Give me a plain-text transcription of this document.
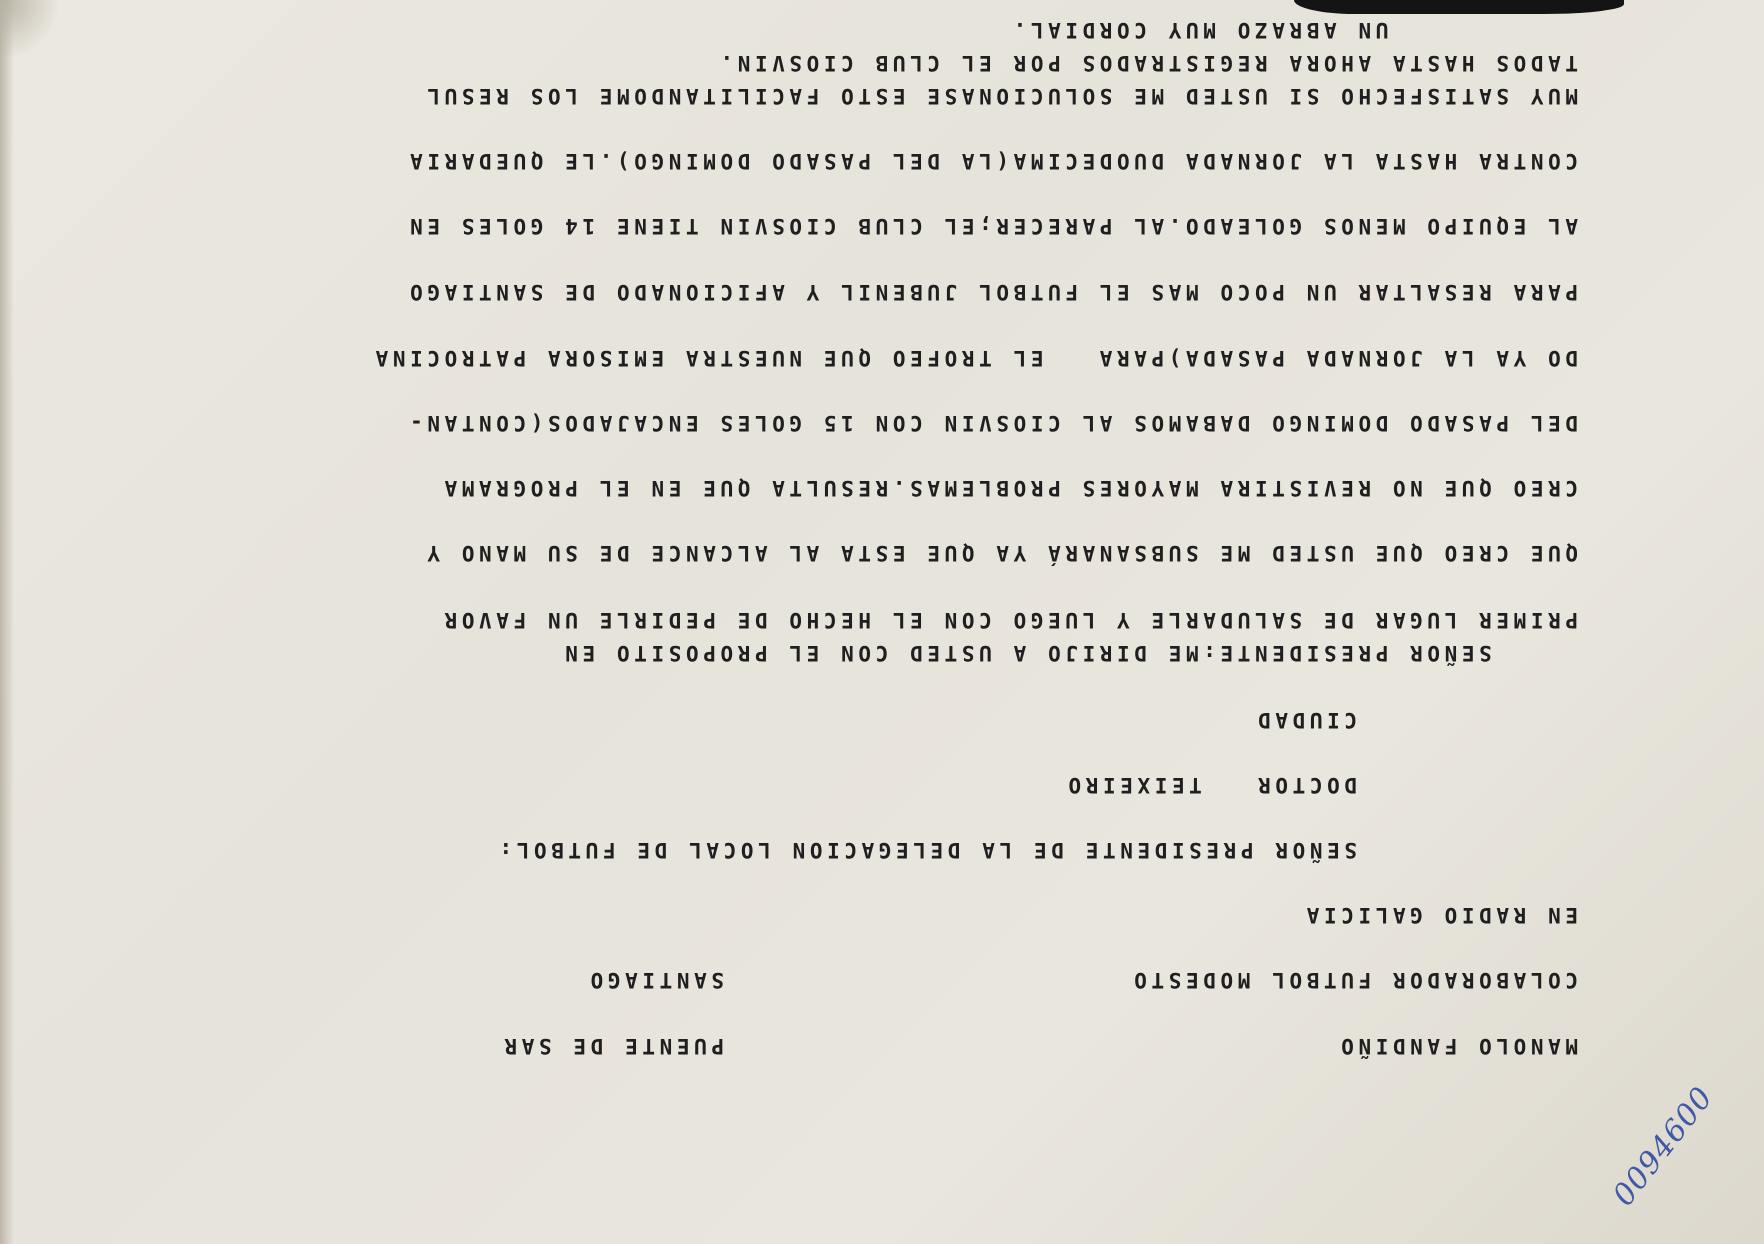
MANOLO FANDIÑO
PUENTE DE SAR
COLABORADOR FUTBOL MODESTO
SANTIAGO
EN RADIO GALICIA
SEÑOR PRESIDENTE DE LA DELEGACION LOCAL DE FUTBOL:
DOCTOR   TEIXEIRO
CIUDAD
SEÑOR PRESIDENTE:ME DIRIJO A USTED CON EL PROPOSITO EN
PRIMER LUGAR DE SALUDARLE Y LUEGO CON EL HECHO DE PEDIRLE UN FAVOR
QUE CREO QUE USTED ME SUBSANARÁ YA QUE ESTA AL ALCANCE DE SU MANO Y
CREO QUE NO REVISTIRA MAYORES PROBLEMAS.RESULTA QUE EN EL PROGRAMA
DEL PASADO DOMINGO DABAMOS AL CIOSVIN CON 15 GOLES ENCAJADOS(CONTAN-
DO YA LA JORNADA PASADA)PARA   EL TROFEO QUE NUESTRA EMISORA PATROCINA
PARA RESALTAR UN POCO MAS EL FUTBOL JUBENIL Y AFICIONADO DE SANTIAGO
AL EQUIPO MENOS GOLEADO.AL PARECER;EL CLUB CIOSVIN TIENE 14 GOLES EN
CONTRA HASTA LA JORNADA DUODECIMA(LA DEL PASADO DOMINGO).LE QUEDARIA
MUY SATISFECHO SI USTED ME SOLUCIONASE ESTO FACILITANDOME LOS RESUL
TADOS HASTA AHORA REGISTRADOS POR EL CLUB CIOSVIN.
UN ABRAZO MUY CORDIAL.
0094600
